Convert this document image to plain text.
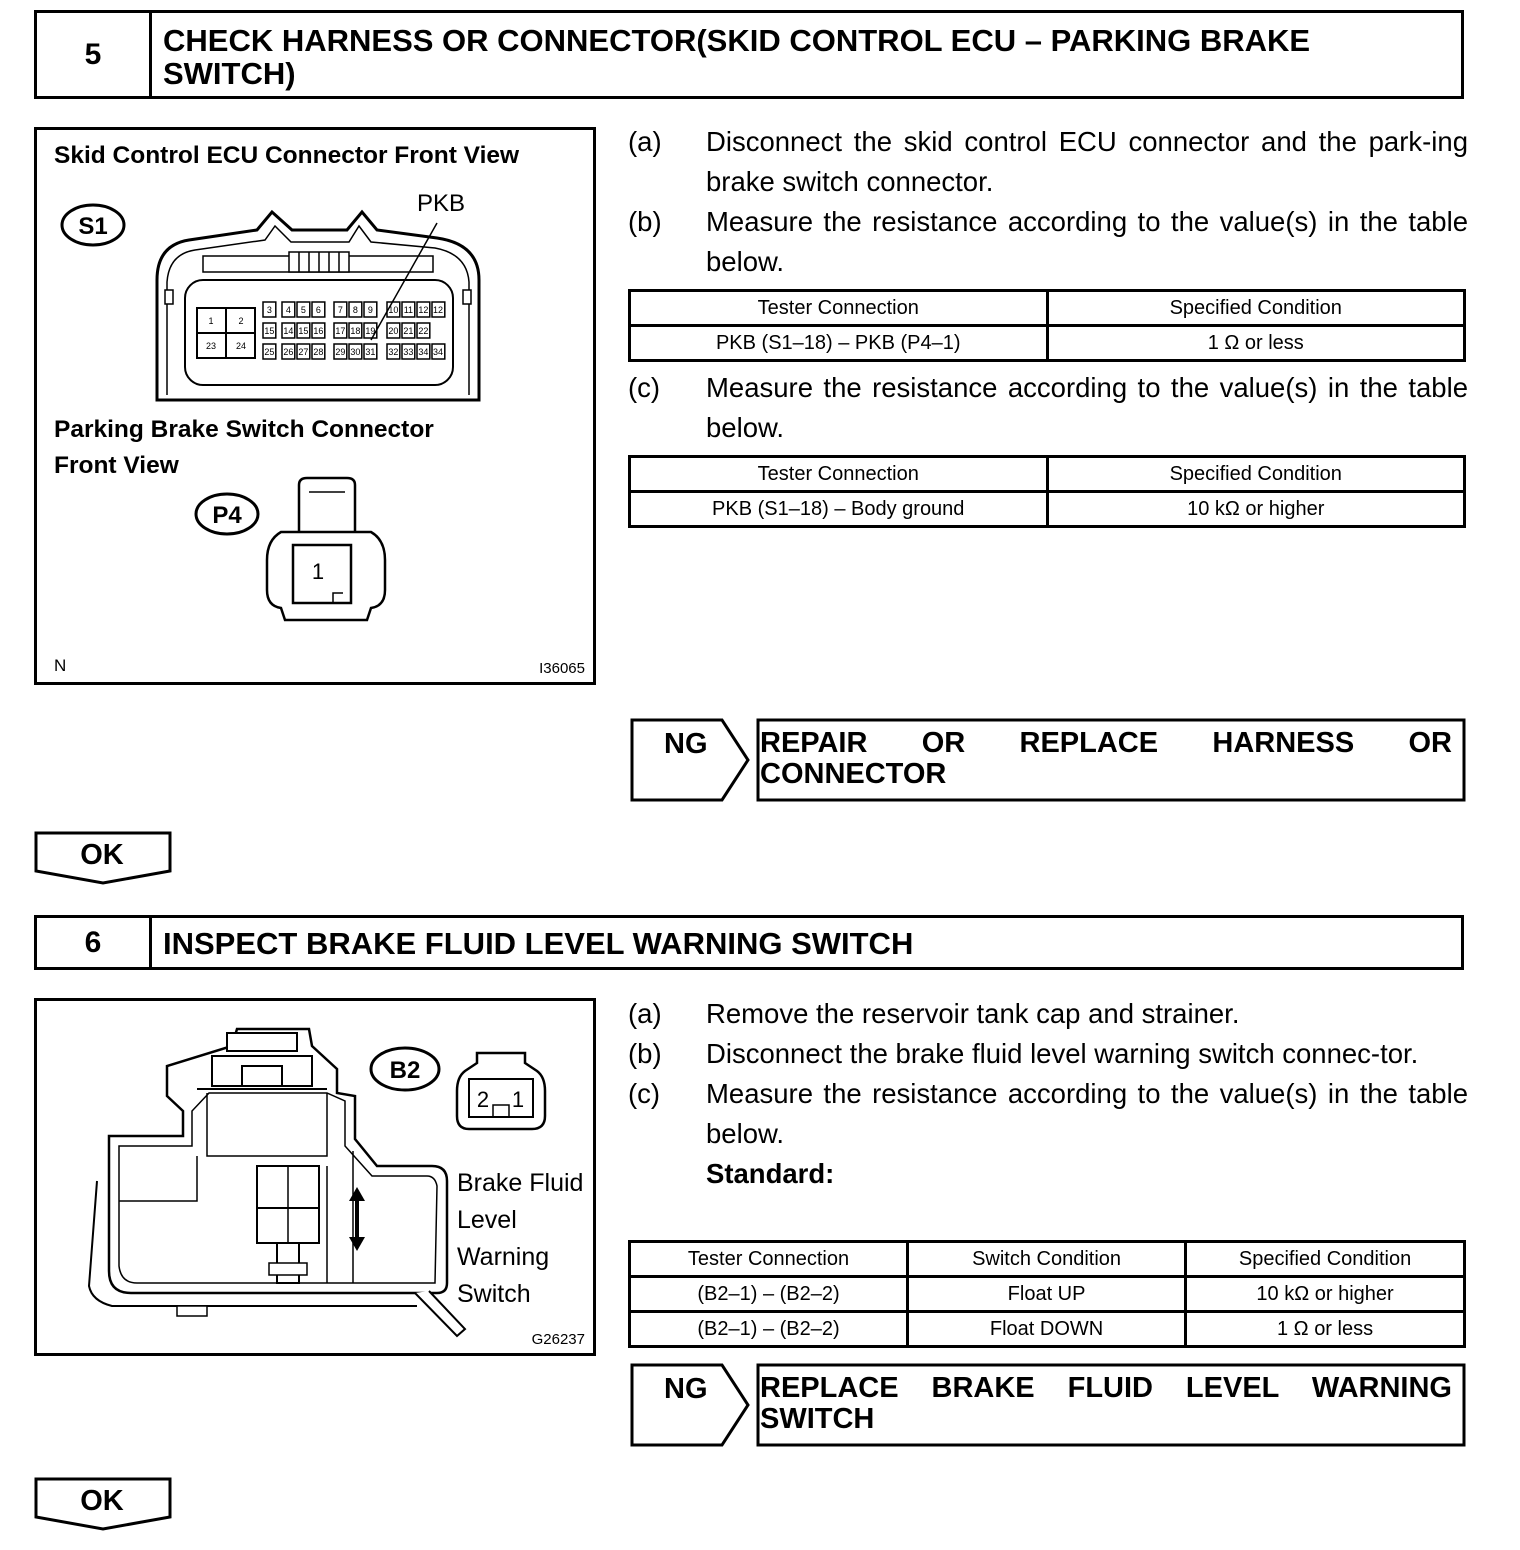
5	CHECK HARNESS OR CONNECTOR(SKID CONTROL ECU – PARKING BRAKE SWITCH)
Skid Control ECU Connector Front View
PKB
S1
1	2
23 24
3 4 5 6 7 8 9 10 11 12
15 14 15 16 17 18 19 20 21 22
25 26 27 28 29 30 31 32 33 34
12
34
P4
1
Parking Brake Switch Connector
Front View
N	I36065
(a) Disconnect the skid control ECU connector and the park-ing brake switch connector.
(b) Measure the resistance according to the value(s) in the table below.
Tester Connection	Specified Condition
PKB (S1–18) – PKB (P4–1)	1 Ω or less
(c) Measure the resistance according to the value(s) in the table below.
Tester Connection	Specified Condition
PKB (S1–18) – Body ground	10 kΩ or higher
NG REPAIR OR REPLACE HARNESS OR
CONNECTOR
OK
6	INSPECT BRAKE FLUID LEVEL WARNING SWITCH
B2
2 1
Brake Fluid
Level
Warning
Switch
G26237
(a) Remove the reservoir tank cap and strainer.
(b) Disconnect the brake fluid level warning switch connec-tor.
(c) Measure the resistance according to the value(s) in the table below.
Standard:
Tester Connection	Switch Condition	Specified Condition
(B2–1) – (B2–2)	Float UP	10 kΩ or higher
(B2–1) – (B2–2)	Float DOWN	1 Ω or less
NG REPLACE BRAKE FLUID LEVEL WARNING
SWITCH
OK
